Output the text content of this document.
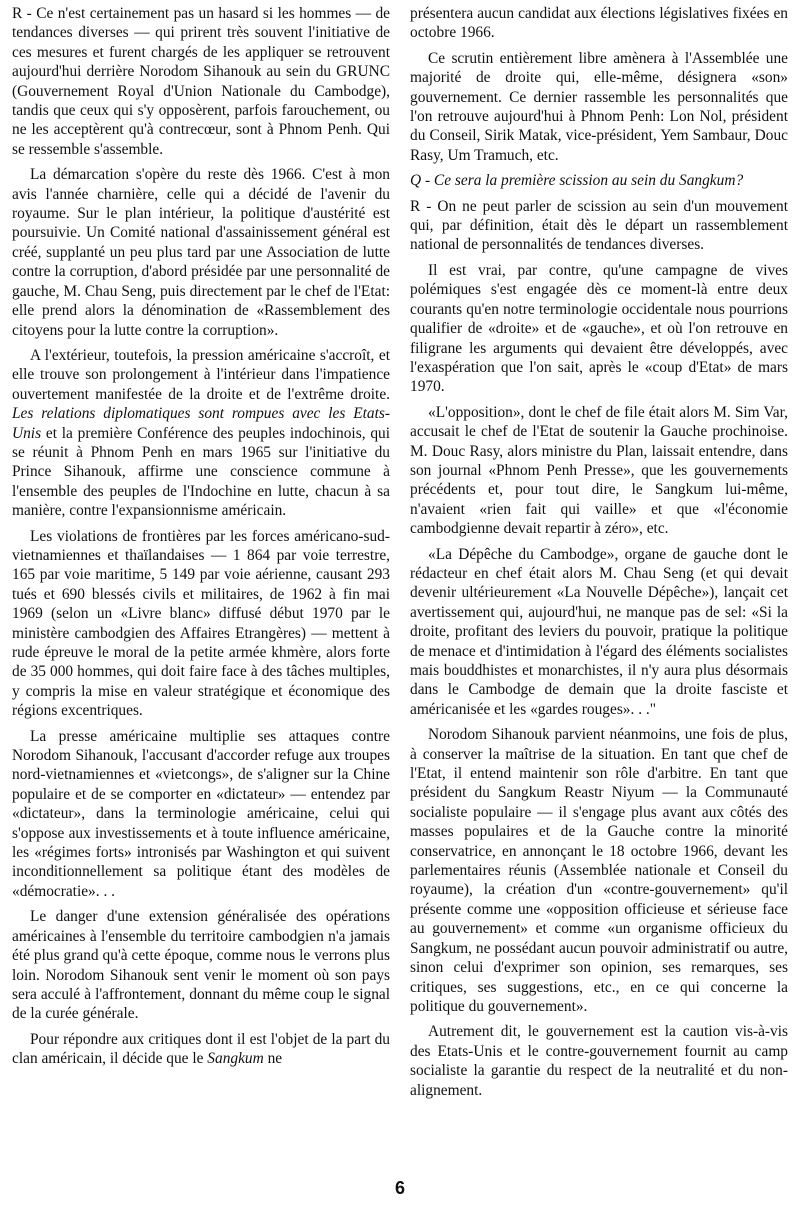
R - Ce n'est certainement pas un hasard si les hommes — de tendances diverses — qui prirent très souvent l'initiative de ces mesures et furent chargés de les appliquer se retrouvent aujourd'hui derrière Norodom Sihanouk au sein du GRUNC (Gouvernement Royal d'Union Nationale du Cambodge), tandis que ceux qui s'y opposèrent, parfois farouchement, ou ne les acceptèrent qu'à contrecœur, sont à Phnom Penh. Qui se ressemble s'assemble.

La démarcation s'opère du reste dès 1966. C'est à mon avis l'année charnière, celle qui a décidé de l'avenir du royaume. Sur le plan intérieur, la politique d'austérité est poursuivie. Un Comité national d'assainissement général est créé, supplanté un peu plus tard par une Association de lutte contre la corruption, d'abord présidée par une personnalité de gauche, M. Chau Seng, puis directement par le chef de l'Etat: elle prend alors la dénomination de «Rassemblement des citoyens pour la lutte contre la corruption».

A l'extérieur, toutefois, la pression américaine s'accroît, et elle trouve son prolongement à l'intérieur dans l'impatience ouvertement manifestée de la droite et de l'extrême droite. Les relations diplomatiques sont rompues avec les Etats-Unis et la première Conférence des peuples indochinois, qui se réunit à Phnom Penh en mars 1965 sur l'initiative du Prince Sihanouk, affirme une conscience commune à l'ensemble des peuples de l'Indochine en lutte, chacun à sa manière, contre l'expansionnisme américain.

Les violations de frontières par les forces américano-sud-vietnamiennes et thaïlandaises — 1 864 par voie terrestre, 165 par voie maritime, 5 149 par voie aérienne, causant 293 tués et 690 blessés civils et militaires, de 1962 à fin mai 1969 (selon un «Livre blanc» diffusé début 1970 par le ministère cambodgien des Affaires Etrangères) — mettent à rude épreuve le moral de la petite armée khmère, alors forte de 35 000 hommes, qui doit faire face à des tâches multiples, y compris la mise en valeur stratégique et économique des régions excentriques.

La presse américaine multiplie ses attaques contre Norodom Sihanouk, l'accusant d'accorder refuge aux troupes nord-vietnamiennes et «vietcongs», de s'aligner sur la Chine populaire et de se comporter en «dictateur» — entendez par «dictateur», dans la terminologie américaine, celui qui s'oppose aux investissements et à toute influence américaine, les «régimes forts» intronisés par Washington et qui suivent inconditionnellement sa politique étant des modèles de «démocratie». . .

Le danger d'une extension généralisée des opérations américaines à l'ensemble du territoire cambodgien n'a jamais été plus grand qu'à cette époque, comme nous le verrons plus loin. Norodom Sihanouk sent venir le moment où son pays sera acculé à l'affrontement, donnant du même coup le signal de la curée générale.

Pour répondre aux critiques dont il est l'objet de la part du clan américain, il décide que le Sangkum ne

présentera aucun candidat aux élections législatives fixées en octobre 1966.

Ce scrutin entièrement libre amènera à l'Assemblée une majorité de droite qui, elle-même, désignera «son» gouvernement. Ce dernier rassemble les personnalités que l'on retrouve aujourd'hui à Phnom Penh: Lon Nol, président du Conseil, Sirik Matak, vice-président, Yem Sambaur, Douc Rasy, Um Tramuch, etc.

Q - Ce sera la première scission au sein du Sangkum?

R - On ne peut parler de scission au sein d'un mouvement qui, par définition, était dès le départ un rassemblement national de personnalités de tendances diverses.

Il est vrai, par contre, qu'une campagne de vives polémiques s'est engagée dès ce moment-là entre deux courants qu'en notre terminologie occidentale nous pourrions qualifier de «droite» et de «gauche», et où l'on retrouve en filigrane les arguments qui devaient être développés, avec l'exaspération que l'on sait, après le «coup d'Etat» de mars 1970.

«L'opposition», dont le chef de file était alors M. Sim Var, accusait le chef de l'Etat de soutenir la Gauche prochinoise. M. Douc Rasy, alors ministre du Plan, laissait entendre, dans son journal «Phnom Penh Presse», que les gouvernements précédents et, pour tout dire, le Sangkum lui-même, n'avaient «rien fait qui vaille» et que «l'économie cambodgienne devait repartir à zéro», etc.

«La Dépêche du Cambodge», organe de gauche dont le rédacteur en chef était alors M. Chau Seng (et qui devait devenir ultérieurement «La Nouvelle Dépêche»), lançait cet avertissement qui, aujourd'hui, ne manque pas de sel: «Si la droite, profitant des leviers du pouvoir, pratique la politique de menace et d'intimidation à l'égard des éléments socialistes mais bouddhistes et monarchistes, il n'y aura plus désormais dans le Cambodge de demain que la droite fasciste et américanisée et les «gardes rouges». . ."

Norodom Sihanouk parvient néanmoins, une fois de plus, à conserver la maîtrise de la situation. En tant que chef de l'Etat, il entend maintenir son rôle d'arbitre. En tant que président du Sangkum Reastr Niyum — la Communauté socialiste populaire — il s'engage plus avant aux côtés des masses populaires et de la Gauche contre la minorité conservatrice, en annonçant le 18 octobre 1966, devant les parlementaires réunis (Assemblée nationale et Conseil du royaume), la création d'un «contre-gouvernement» qu'il présente comme une «opposition officieuse et sérieuse face au gouvernement» et comme «un organisme officieux du Sangkum, ne possédant aucun pouvoir administratif ou autre, sinon celui d'exprimer son opinion, ses remarques, ses critiques, ses suggestions, etc., en ce qui concerne la politique du gouvernement».

Autrement dit, le gouvernement est la caution vis-à-vis des Etats-Unis et le contre-gouvernement fournit au camp socialiste la garantie du respect de la neutralité et du non-alignement.

6
